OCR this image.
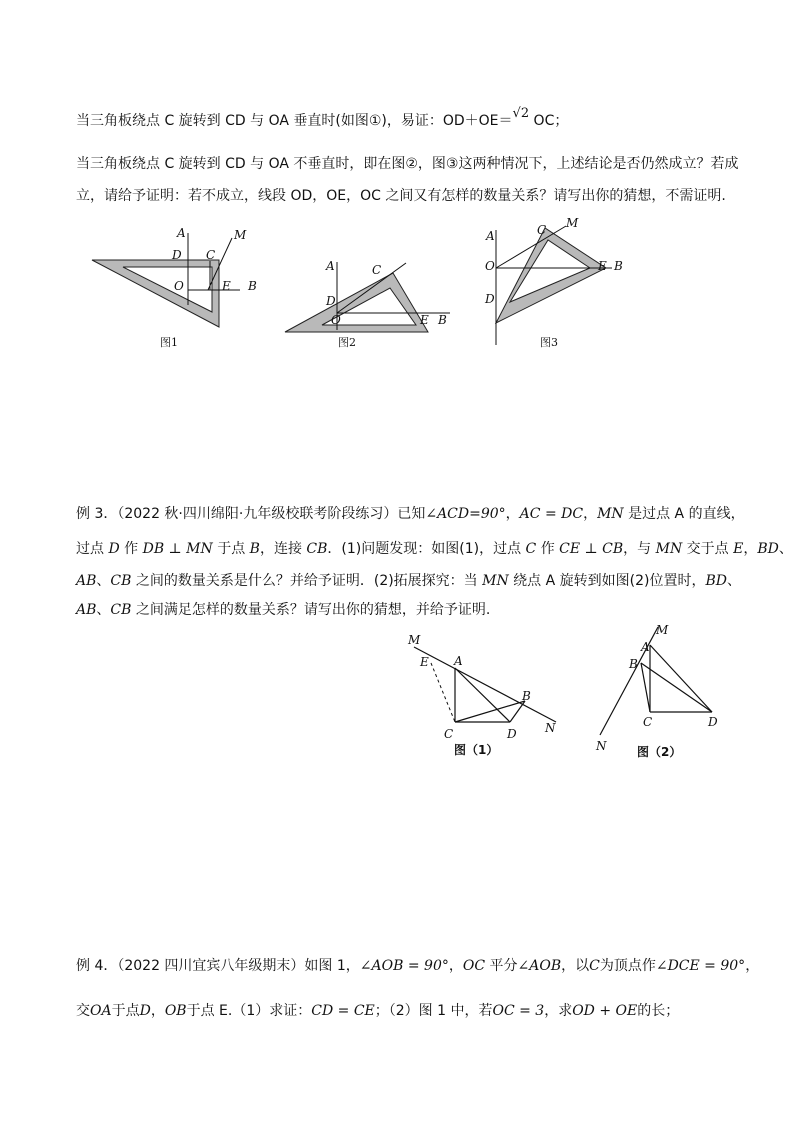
当三角板绕点 C 旋转到 CD 与 OA 垂直时(如图①)，易证：OD＋OE＝√2 OC；
当三角板绕点 C 旋转到 CD 与 OA 不垂直时，即在图②，图③这两种情况下，上述结论是否仍然成立？若成
立，请给予证明：若不成立，线段 OD，OE，OC 之间又有怎样的数量关系？请写出你的猜想，不需证明.
A	M
D C
O	E B
图1
A	C
D
O	E B
图2
A	C M
O	E B
D
图3
例 3．（2022 秋·四川绵阳·九年级校联考阶段练习）已知∠ACD=90°，AC = DC，MN 是过点 A 的直线，
过点 D 作 DB ⊥ MN 于点 B，连接 CB．(1)问题发现：如图(1)，过点 C 作 CE ⊥ CB，与 MN 交于点 E，BD、
AB、CB 之间的数量关系是什么？并给予证明．(2)拓展探究：当 MN 绕点 A 旋转到如图(2)位置时，BD、
AB、CB 之间满足怎样的数量关系？请写出你的猜想，并给予证明.
M
E A
B
C	D N
图（1）
M
A
B
C	D
N	图（2）
例 4．（2022 四川宜宾八年级期末）如图 1，∠AOB = 90°，OC 平分∠AOB，以C为顶点作∠DCE = 90°，
交OA于点D，OB于点 E.（1）求证：CD = CE；（2）图 1 中，若OC = 3，求OD + OE的长；
